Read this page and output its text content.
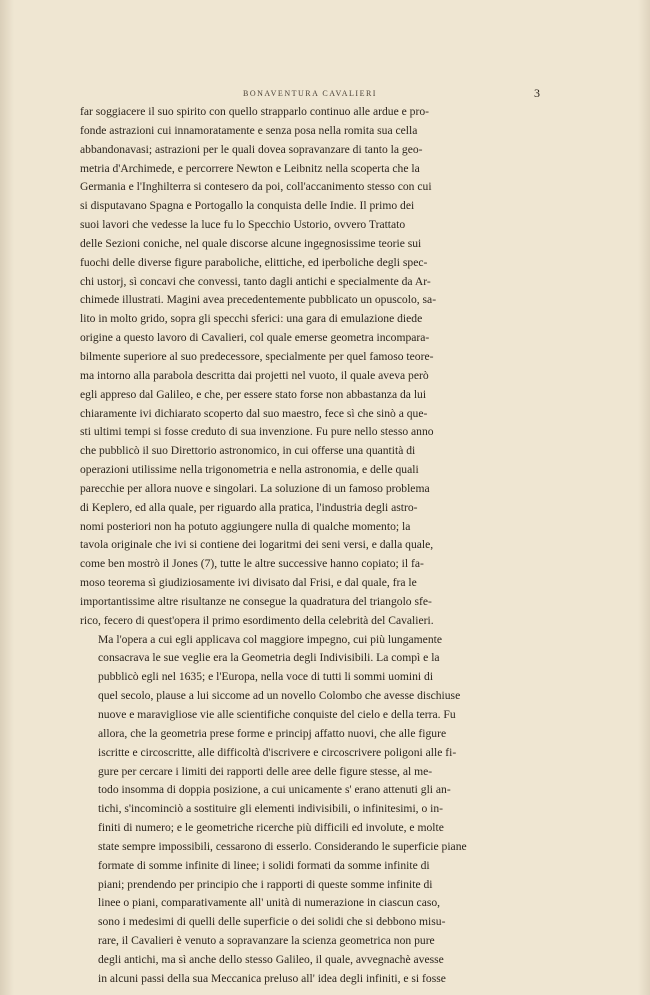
BONAVENTURA CAVALIERI	3

far soggiacere il suo spirito con quello strapparlo continuo alle ardue e pro-
fonde astrazioni cui innamoratamente e senza posa nella romita sua cella
abbandonavasi; astrazioni per le quali dovea sopravanzare di tanto la geo-
metria d'Archimede, e percorrere Newton e Leibnitz nella scoperta che la
Germania e l'Inghilterra si contesero da poi, coll'accanimento stesso con cui
si disputavano Spagna e Portogallo la conquista delle Indie. Il primo dei
suoi lavori che vedesse la luce fu lo Specchio Ustorio, ovvero Trattato
delle Sezioni coniche, nel quale discorse alcune ingegnosissime teorie sui
fuochi delle diverse figure paraboliche, elittiche, ed iperboliche degli spec-
chi ustorj, sì concavi che convessi, tanto dagli antichi e specialmente da Ar-
chimede illustrati. Magini avea precedentemente pubblicato un opuscolo, sa-
lito in molto grido, sopra gli specchi sferici: una gara di emulazione diede
origine a questo lavoro di Cavalieri, col quale emerse geometra incompara-
bilmente superiore al suo predecessore, specialmente per quel famoso teore-
ma intorno alla parabola descritta dai projetti nel vuoto, il quale aveva però
egli appreso dal Galileo, e che, per essere stato forse non abbastanza da lui
chiaramente ivi dichiarato scoperto dal suo maestro, fece sì che sinò a que-
sti ultimi tempi si fosse creduto di sua invenzione. Fu pure nello stesso anno
che pubblicò il suo Direttorio astronomico, in cui offerse una quantità di
operazioni utilissime nella trigonometria e nella astronomia, e delle quali
parecchie per allora nuove e singolari. La soluzione di un famoso problema
di Keplero, ed alla quale, per riguardo alla pratica, l'industria degli astro-
nomi posteriori non ha potuto aggiungere nulla di qualche momento; la
tavola originale che ivi si contiene dei logaritmi dei seni versi, e dalla quale,
come ben mostrò il Jones (7), tutte le altre successive hanno copiato; il fa-
moso teorema sì giudiziosamente ivi divisato dal Frisi, e dal quale, fra le
importantissime altre risultanze ne consegue la quadratura del triangolo sfe-
rico, fecero di quest'opera il primo esordimento della celebrità del Cavalieri.

Ma l'opera a cui egli applicava col maggiore impegno, cui più lungamente
consacrava le sue veglie era la Geometria degli Indivisibili. La compì e la
pubblicò egli nel 1635; e l'Europa, nella voce di tutti li sommi uomini di
quel secolo, plause a lui siccome ad un novello Colombo che avesse dischiuse
nuove e maravigliose vie alle scientifiche conquiste del cielo e della terra. Fu
allora, che la geometria prese forme e principj affatto nuovi, che alle figure
iscritte e circoscritte, alle difficoltà d'iscrivere e circoscrivere poligoni alle fi-
gure per cercare i limiti dei rapporti delle aree delle figure stesse, al me-
todo insomma di doppia posizione, a cui unicamente s' erano attenuti gli an-
tichi, s'incominciò a sostituire gli elementi indivisibili, o infinitesimi, o in-
finiti di numero; e le geometriche ricerche più difficili ed involute, e molte
state sempre impossibili, cessarono di esserlo. Considerando le superficie piane
formate di somme infinite di linee; i solidi formati da somme infinite di
piani; prendendo per principio che i rapporti di queste somme infinite di
linee o piani, comparativamente all' unità di numerazione in ciascun caso,
sono i medesimi di quelli delle superficie o dei solidi che si debbono misu-
rare, il Cavalieri è venuto a sopravanzare la scienza geometrica non pure
degli antichi, ma sì anche dello stesso Galileo, il quale, avvegnachè avesse
in alcuni passi della sua Meccanica preluso all' idea degli infiniti, e si fosse
